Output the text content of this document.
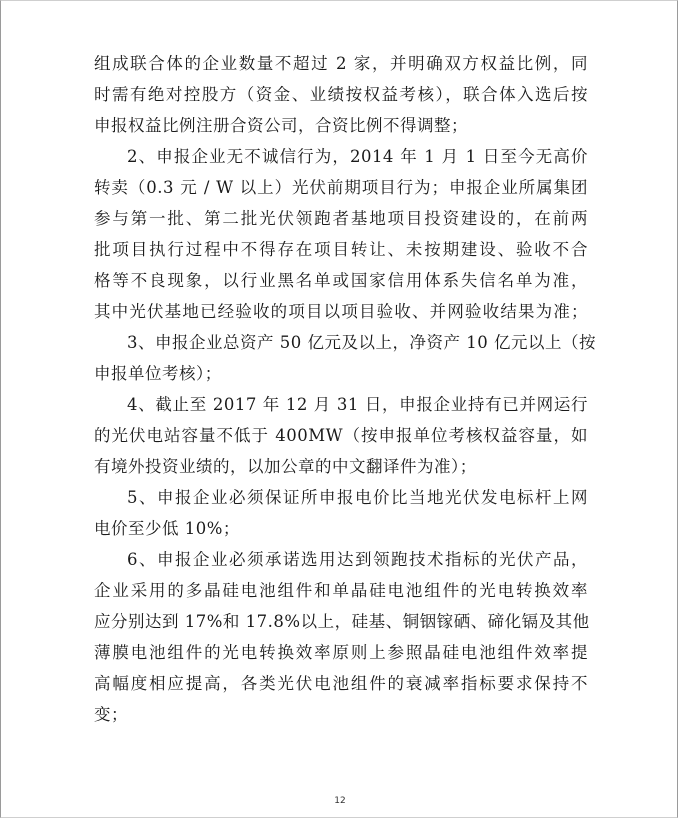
组成联合体的企业数量不超过 2 家，并明确双方权益比例，同
时需有绝对控股方（资金、业绩按权益考核），联合体入选后按
申报权益比例注册合资公司，合资比例不得调整；
2、申报企业无不诚信行为，2014 年 1 月 1 日至今无高价
转卖（0.3 元 / W 以上）光伏前期项目行为；申报企业所属集团
参与第一批、第二批光伏领跑者基地项目投资建设的，在前两
批项目执行过程中不得存在项目转让、未按期建设、验收不合
格等不良现象，以行业黑名单或国家信用体系失信名单为准，
其中光伏基地已经验收的项目以项目验收、并网验收结果为准；
3、申报企业总资产 50 亿元及以上，净资产 10 亿元以上（按
申报单位考核）；
4、截止至 2017 年 12 月 31 日，申报企业持有已并网运行
的光伏电站容量不低于 400MW（按申报单位考核权益容量，如
有境外投资业绩的，以加公章的中文翻译件为准）；
5、申报企业必须保证所申报电价比当地光伏发电标杆上网
电价至少低 10%；
6、申报企业必须承诺选用达到领跑技术指标的光伏产品，
企业采用的多晶硅电池组件和单晶硅电池组件的光电转换效率
应分别达到 17%和 17.8%以上，硅基、铜铟镓硒、碲化镉及其他
薄膜电池组件的光电转换效率原则上参照晶硅电池组件效率提
高幅度相应提高，各类光伏电池组件的衰减率指标要求保持不
变；
12
